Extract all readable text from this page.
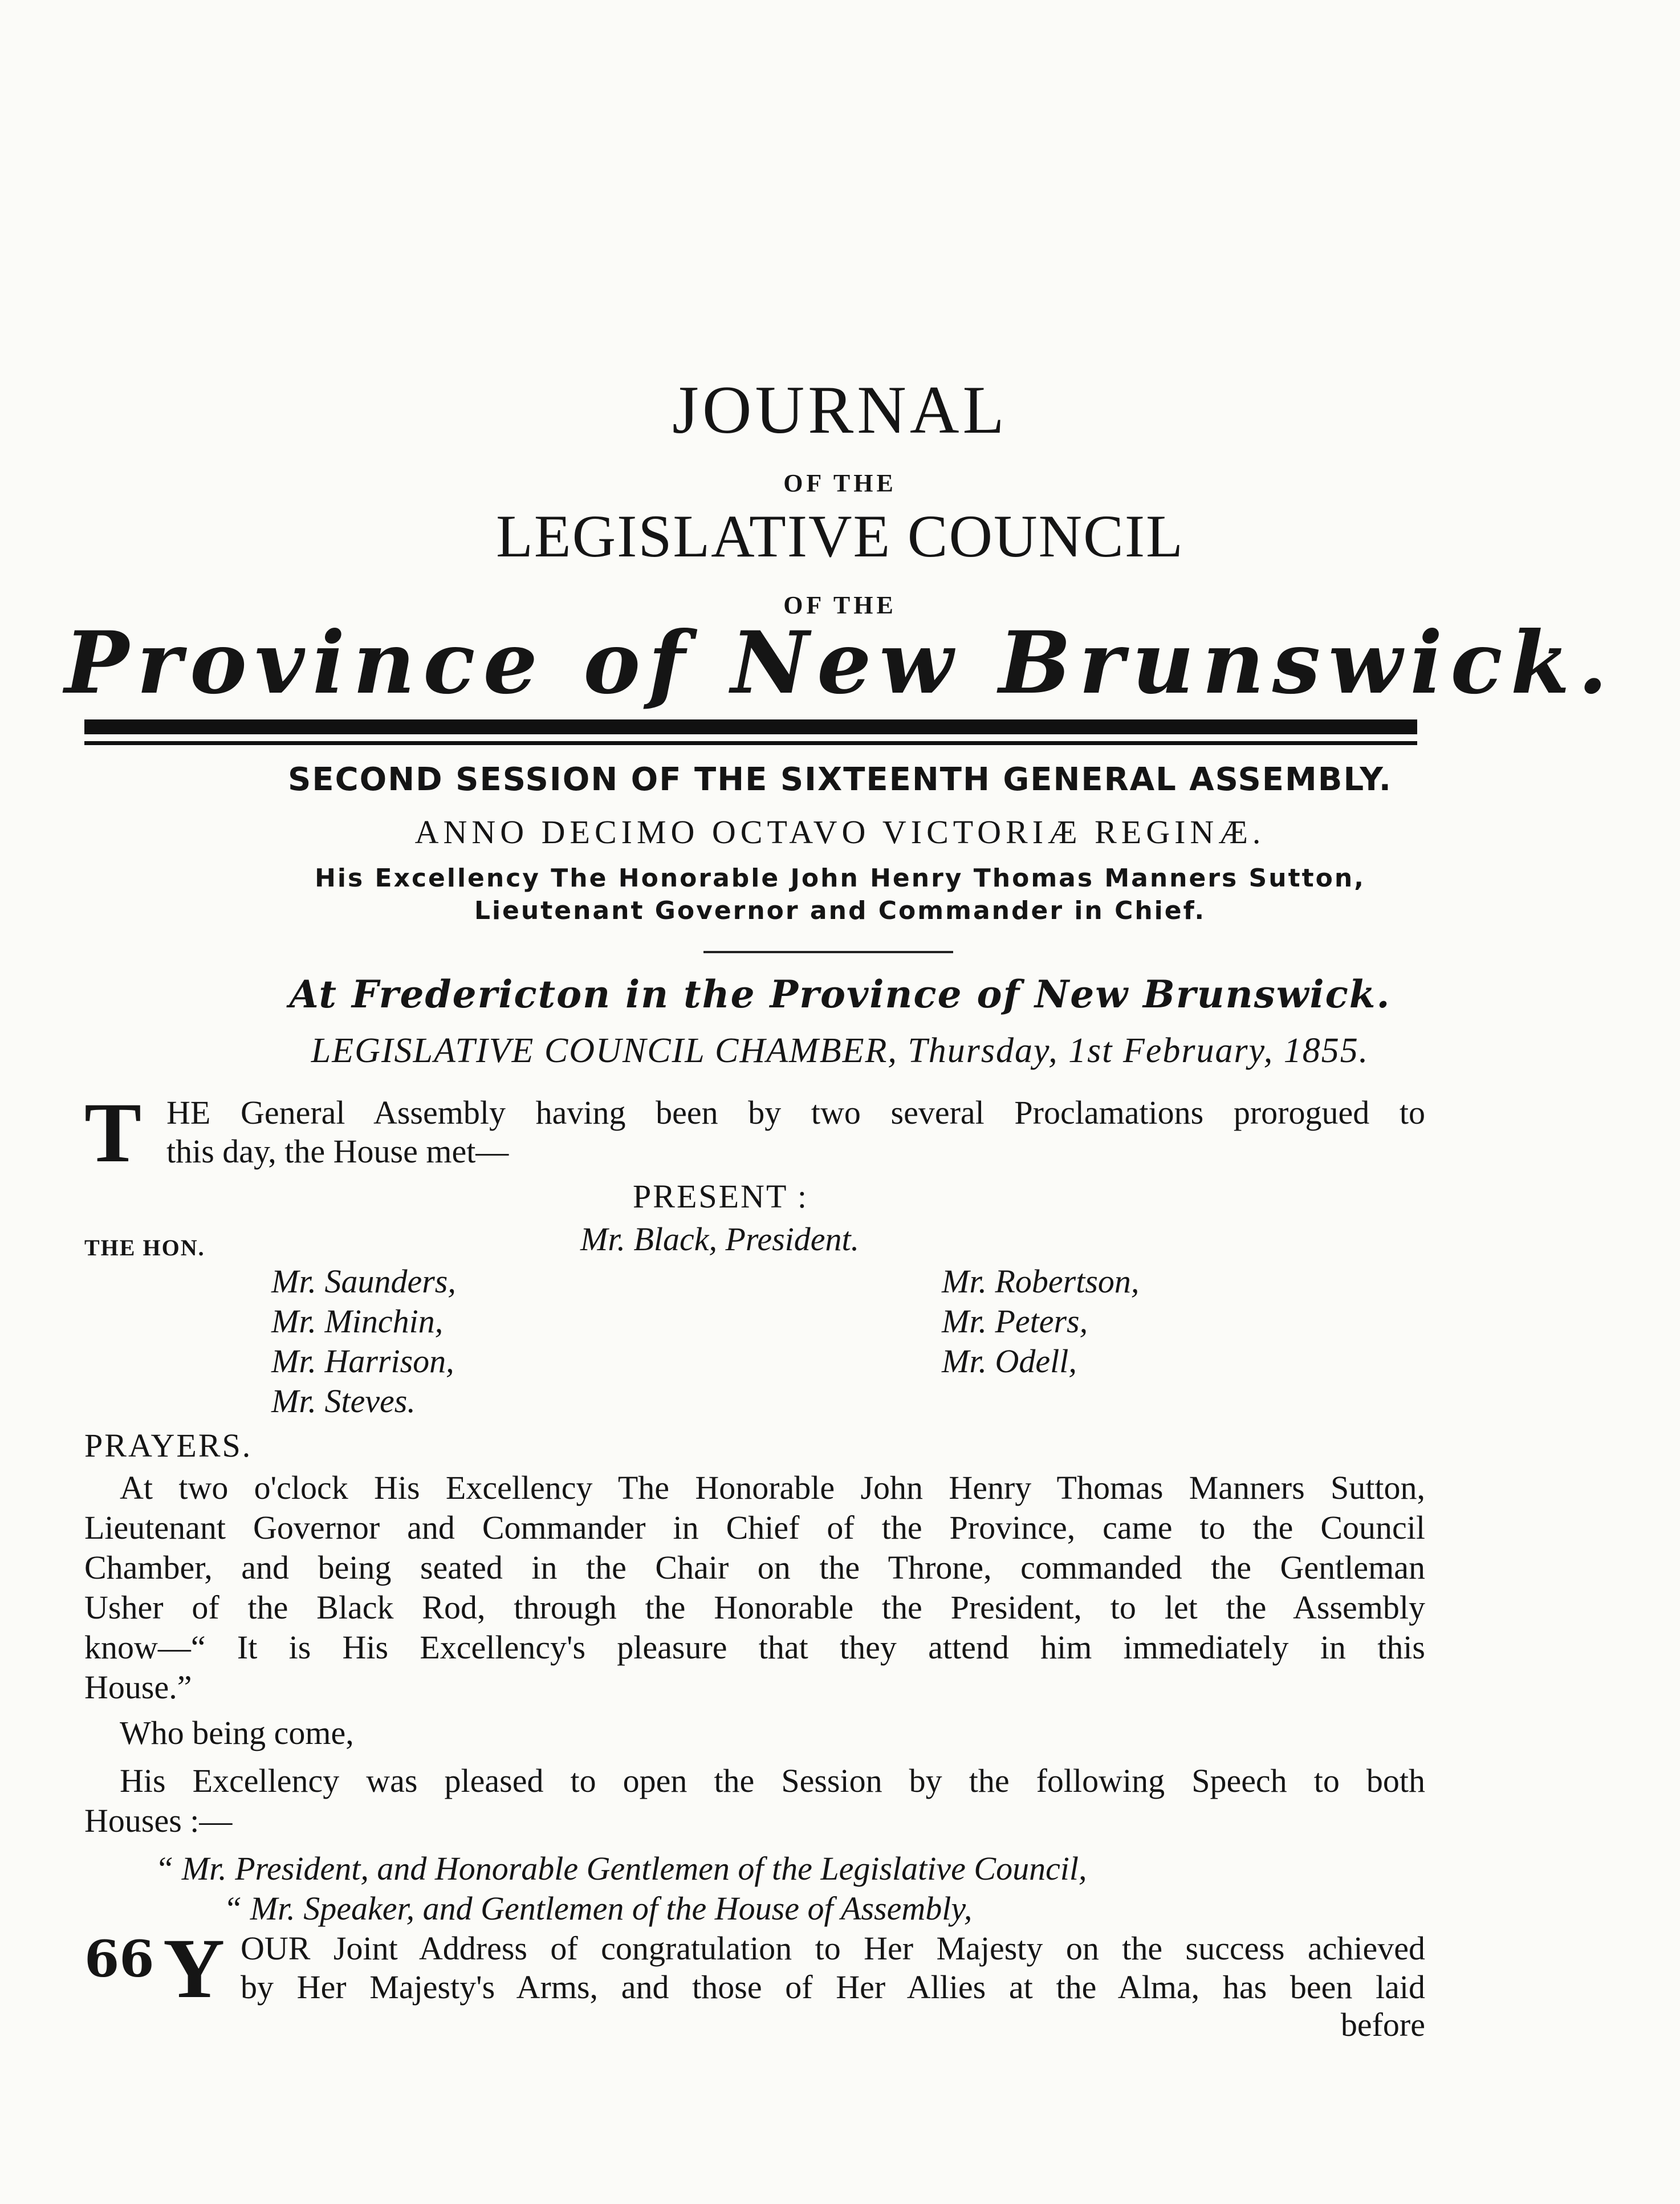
JOURNAL
OF THE
LEGISLATIVE COUNCIL
OF THE
Province of New Brunswick.
SECOND SESSION OF THE SIXTEENTH GENERAL ASSEMBLY.
ANNO DECIMO OCTAVO VICTORIÆ REGINÆ.
His Excellency The Honorable John Henry Thomas Manners Sutton,
Lieutenant Governor and Commander in Chief.
At Fredericton in the Province of New Brunswick.
LEGISLATIVE COUNCIL CHAMBER, Thursday, 1st February, 1855.
T HE General Assembly having been by two several Proclamations prorogued to
this day, the House met—
PRESENT :
THE HON.	Mr. Black, President.
Mr. Saunders,
Mr. Minchin,
Mr. Harrison,
Mr. Steves.
Mr. Robertson,
Mr. Peters,
Mr. Odell,
PRAYERS.
At two o'clock His Excellency The Honorable John Henry Thomas Manners Sutton,
Lieutenant Governor and Commander in Chief of the Province, came to the Council
Chamber, and being seated in the Chair on the Throne, commanded the Gentleman
Usher of the Black Rod, through the Honorable the President, to let the Assembly
know—“ It is His Excellency's pleasure that they attend him immediately in this
House.”
Who being come,
His Excellency was pleased to open the Session by the following Speech to both
Houses :—
“ Mr. President, and Honorable Gentlemen of the Legislative Council,
“ Mr. Speaker, and Gentlemen of the House of Assembly,
66 Y OUR Joint Address of congratulation to Her Majesty on the success achieved
by Her Majesty's Arms, and those of Her Allies at the Alma, has been laid
before
